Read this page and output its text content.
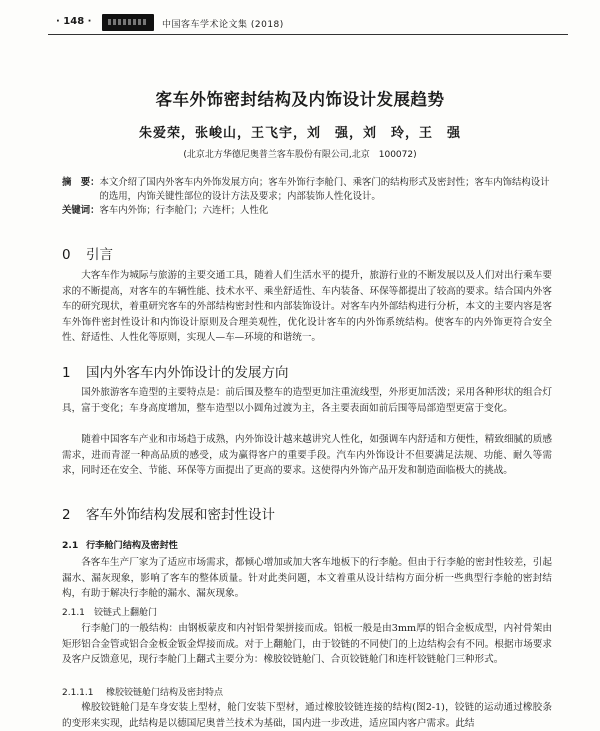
· 148 ·	中国客车学术论文集 (2018)
客车外饰密封结构及内饰设计发展趋势
朱爱荣，张峻山，王飞宇，刘　强，刘　玲，王　强
(北京北方华德尼奥普兰客车股份有限公司,北京　100072)
摘　要： 本文介绍了国内外客车内外饰发展方向；客车外饰行李舱门、乘客门的结构形式及密封性；客车内饰结构设计的选用，内饰关键性部位的设计方法及要求；内部装饰人性化设计。
关键词： 客车内外饰；行李舱门；六连杆；人性化
0 引言
大客车作为城际与旅游的主要交通工具，随着人们生活水平的提升，旅游行业的不断发展以及人们对出行乘车要求的不断提高，对客车的车辆性能、技术水平、乘坐舒适性、车内装备、环保等都提出了较高的要求。结合国内外客车的研究现状，着重研究客车的外部结构密封性和内部装饰设计。对客车内外部结构进行分析，本文的主要内容是客车外饰件密封性设计和内饰设计原则及合理美观性，优化设计客车的内外饰系统结构。使客车的内外饰更符合安全性、舒适性、人性化等原则，实现人—车—环境的和谐统一。
1 国内外客车内外饰设计的发展方向
国外旅游客车造型的主要特点是：前后围及整车的造型更加注重流线型，外形更加活泼；采用各种形状的组合灯具，富于变化；车身高度增加，整车造型以小圆角过渡为主，各主要表面如前后围等局部造型更富于变化。
随着中国客车产业和市场趋于成熟，内外饰设计越来越讲究人性化，如强调车内舒适和方便性，精致细腻的质感需求，进而青涩一种高品质的感受，成为赢得客户的重要手段。汽车内外饰设计不但要满足法规、功能、耐久等需求，同时还在安全、节能、环保等方面提出了更高的要求。这使得内外饰产品开发和制造面临极大的挑战。
2 客车外饰结构发展和密封性设计
2.1 行李舱门结构及密封性
各客车生产厂家为了适应市场需求，都倾心增加或加大客车地板下的行李舱。但由于行李舱的密封性较差，引起漏水、漏灰现象，影响了客车的整体质量。针对此类问题，本文着重从设计结构方面分析一些典型行李舱的密封结构，有助于解决行李舱的漏水、漏灰现象。
2.1.1 铰链式上翻舱门
行李舱门的一般结构：由钢板蒙皮和内衬铝骨架拼接而成。铝板一般是由3mm厚的铝合金板成型，内衬骨架由矩形铝合金管或铝合金板金钣金焊接而成。对于上翻舱门，由于铰链的不同使门的上边结构会有不同。根据市场要求及客户反馈意见，现行李舱门上翻式主要分为：橡胶铰链舱门、合页铰链舱门和连杆铰链舱门三种形式。
2.1.1.1 橡胶铰链舱门结构及密封特点
橡胶铰链舱门是车身安装上型材，舱门安装下型材，通过橡胶铰链连接的结构(图2-1)，铰链的运动通过橡胶条的变形来实现，此结构是以德国尼奥普兰技术为基础，国内进一步改进，适应国内客户需求。此结
